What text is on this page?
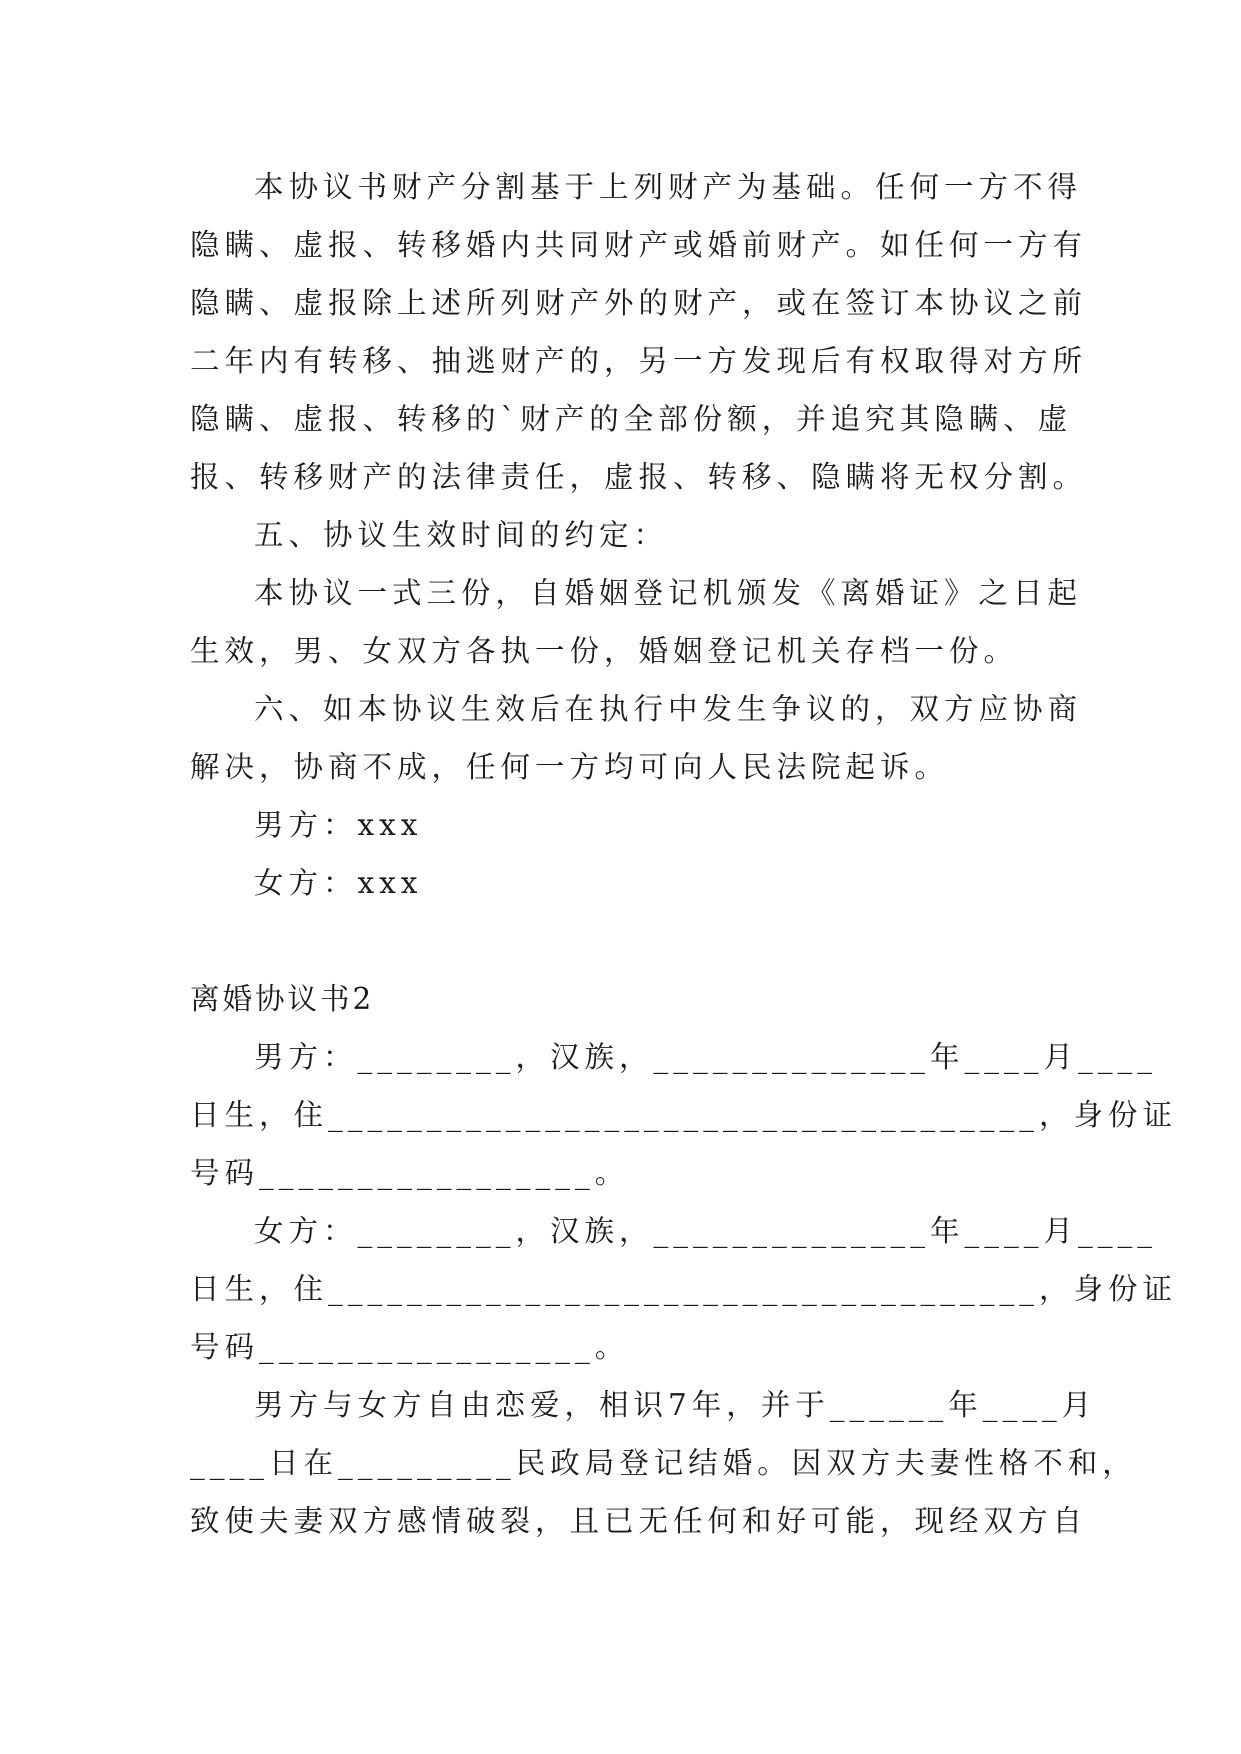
本协议书财产分割基于上列财产为基础。任何一方不得
隐瞒、虚报、转移婚内共同财产或婚前财产。如任何一方有
隐瞒、虚报除上述所列财产外的财产，或在签订本协议之前
二年内有转移、抽逃财产的，另一方发现后有权取得对方所
隐瞒、虚报、转移的`财产的全部份额，并追究其隐瞒、虚
报、转移财产的法律责任，虚报、转移、隐瞒将无权分割。
五、协议生效时间的约定：
本协议一式三份，自婚姻登记机颁发《离婚证》之日起
生效，男、女双方各执一份，婚姻登记机关存档一份。
六、如本协议生效后在执行中发生争议的，双方应协商
解决，协商不成，任何一方均可向人民法院起诉。
男方：xxx
女方：xxx
离婚协议书2
男方：________，汉族，______________年____月____
日生，住____________________________________，身份证
号码_________________。
女方：________，汉族，______________年____月____
日生，住____________________________________，身份证
号码_________________。
男方与女方自由恋爱，相识7年，并于______年____月
____日在_________民政局登记结婚。因双方夫妻性格不和，
致使夫妻双方感情破裂，且已无任何和好可能，现经双方自
